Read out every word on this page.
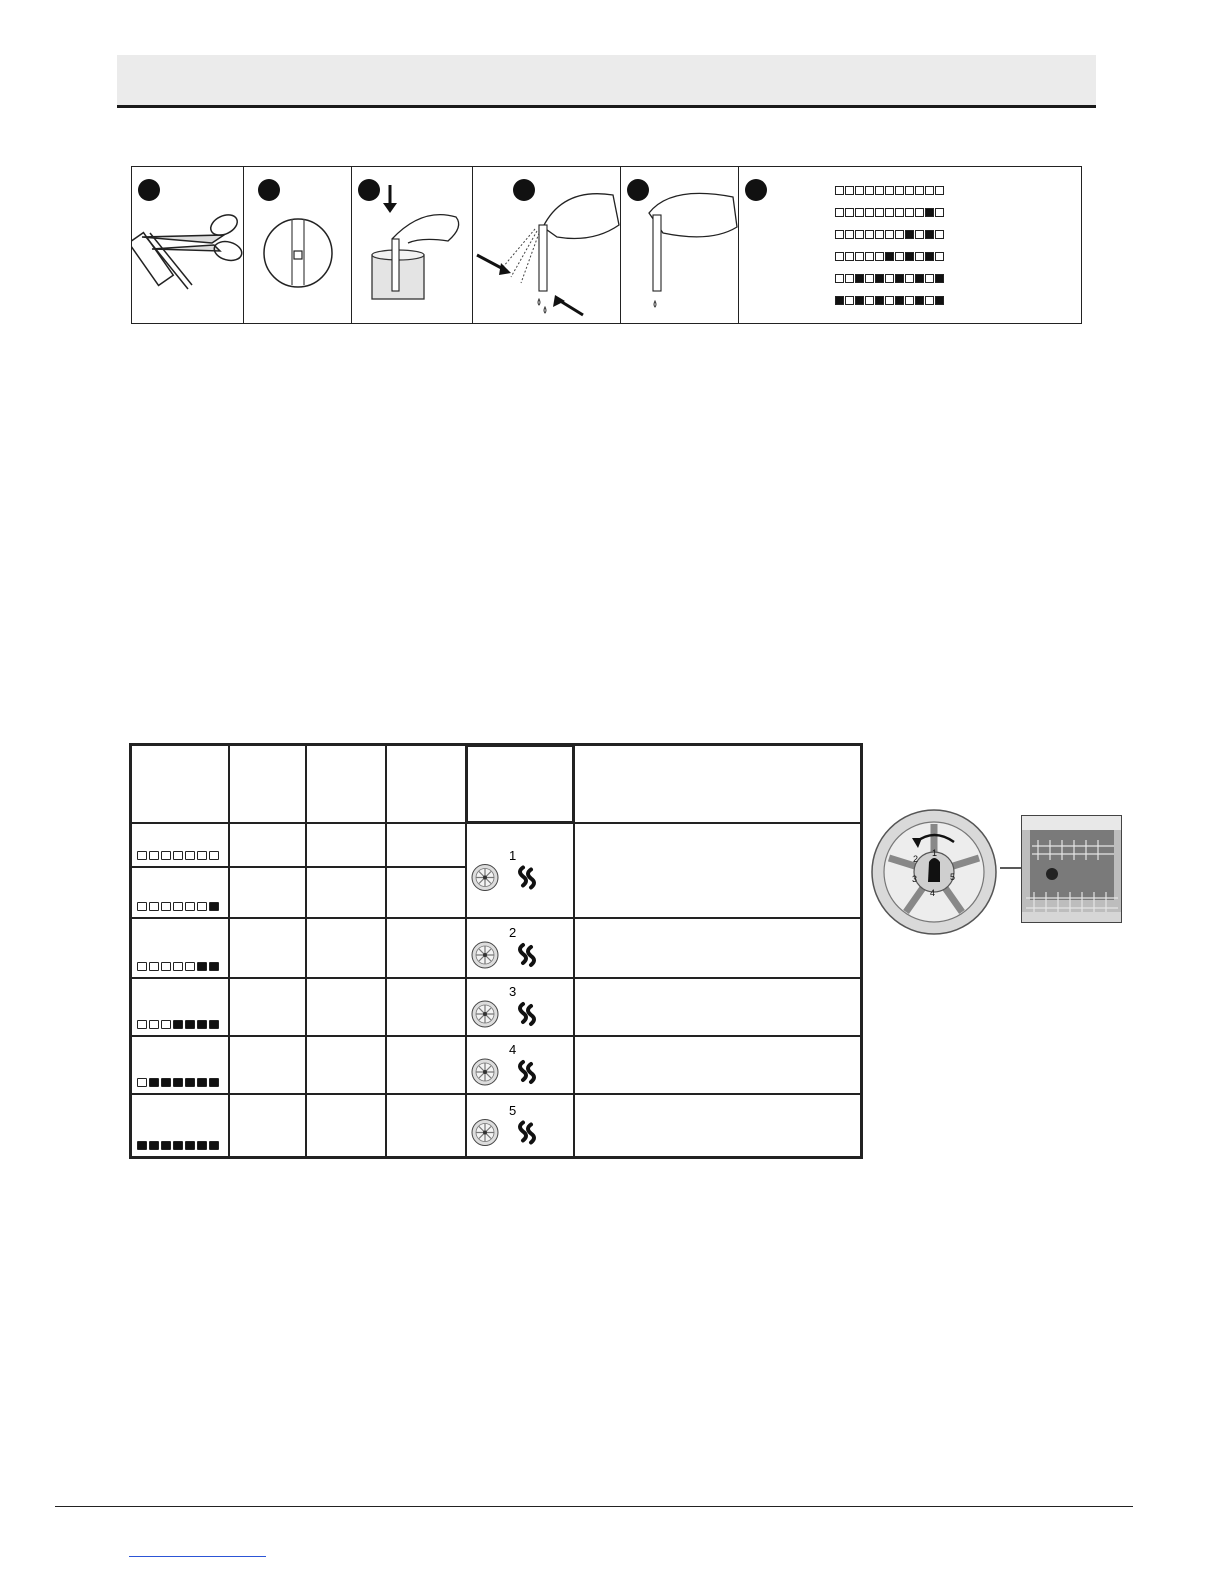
1
2
3
4
5
1
2
3
4
5
